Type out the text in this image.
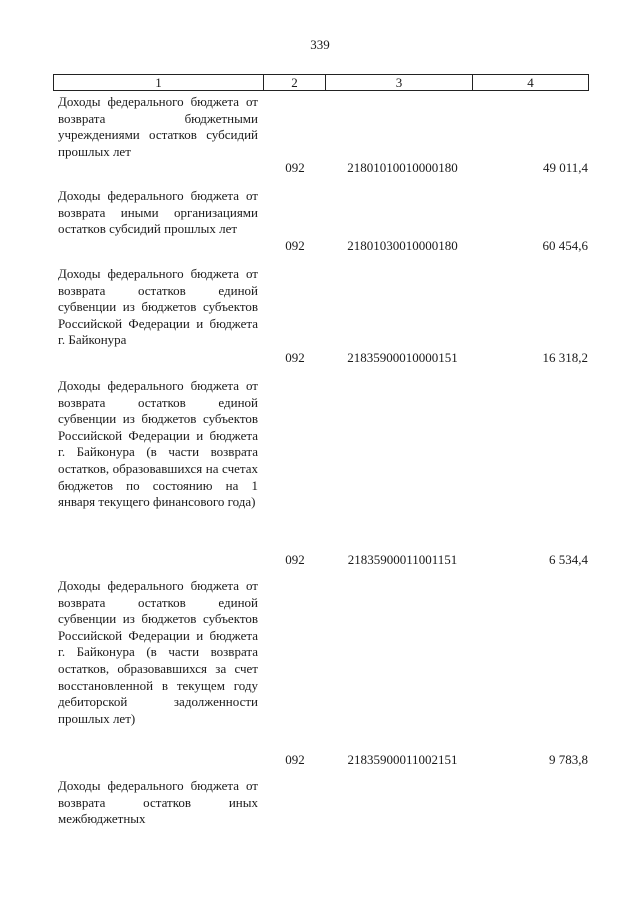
339
1	2	3	4
Доходы федерального бюджета от возврата бюджетными учреждениями остатков субсидий прошлых лет
092	21801010010000180	49 011,4
Доходы федерального бюджета от возврата иными организациями остатков субсидий прошлых лет
092	21801030010000180	60 454,6
Доходы федерального бюджета от возврата остатков единой субвенции из бюджетов субъектов Российской Федерации и бюджета г. Байконура
092	21835900010000151	16 318,2
Доходы федерального бюджета от возврата остатков единой субвенции из бюджетов субъектов Российской Федерации и бюджета г. Байконура (в части возврата остатков, образовавшихся на счетах бюджетов по состоянию на 1 января текущего финансового года)
092	21835900011001151	6 534,4
Доходы федерального бюджета от возврата остатков единой субвенции из бюджетов субъектов Российской Федерации и бюджета г. Байконура (в части возврата остатков, образовавшихся за счет восстановленной в текущем году дебиторской задолженности прошлых лет)
092	21835900011002151	9 783,8
Доходы федерального бюджета от возврата остатков иных межбюджетных
